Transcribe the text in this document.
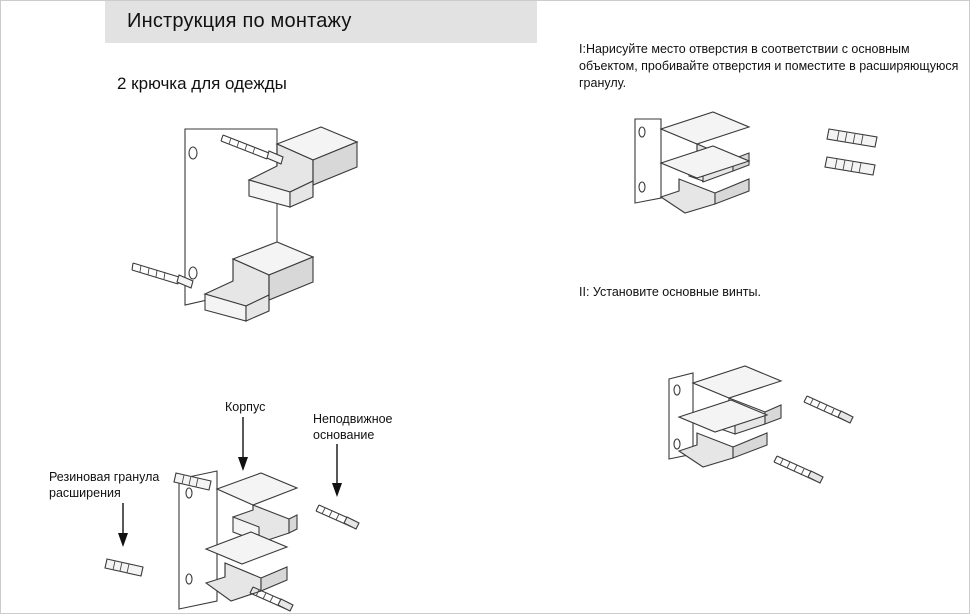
Инструкция по монтажу
2 крючка для одежды
I:Нарисуйте место отверстия в соответствии с основным объектом, пробивайте отверстия и поместите в расширяющуюся гранулу.
II: Установите основные винты.
Корпус
Неподвижное основание
Резиновая гранула расширения
